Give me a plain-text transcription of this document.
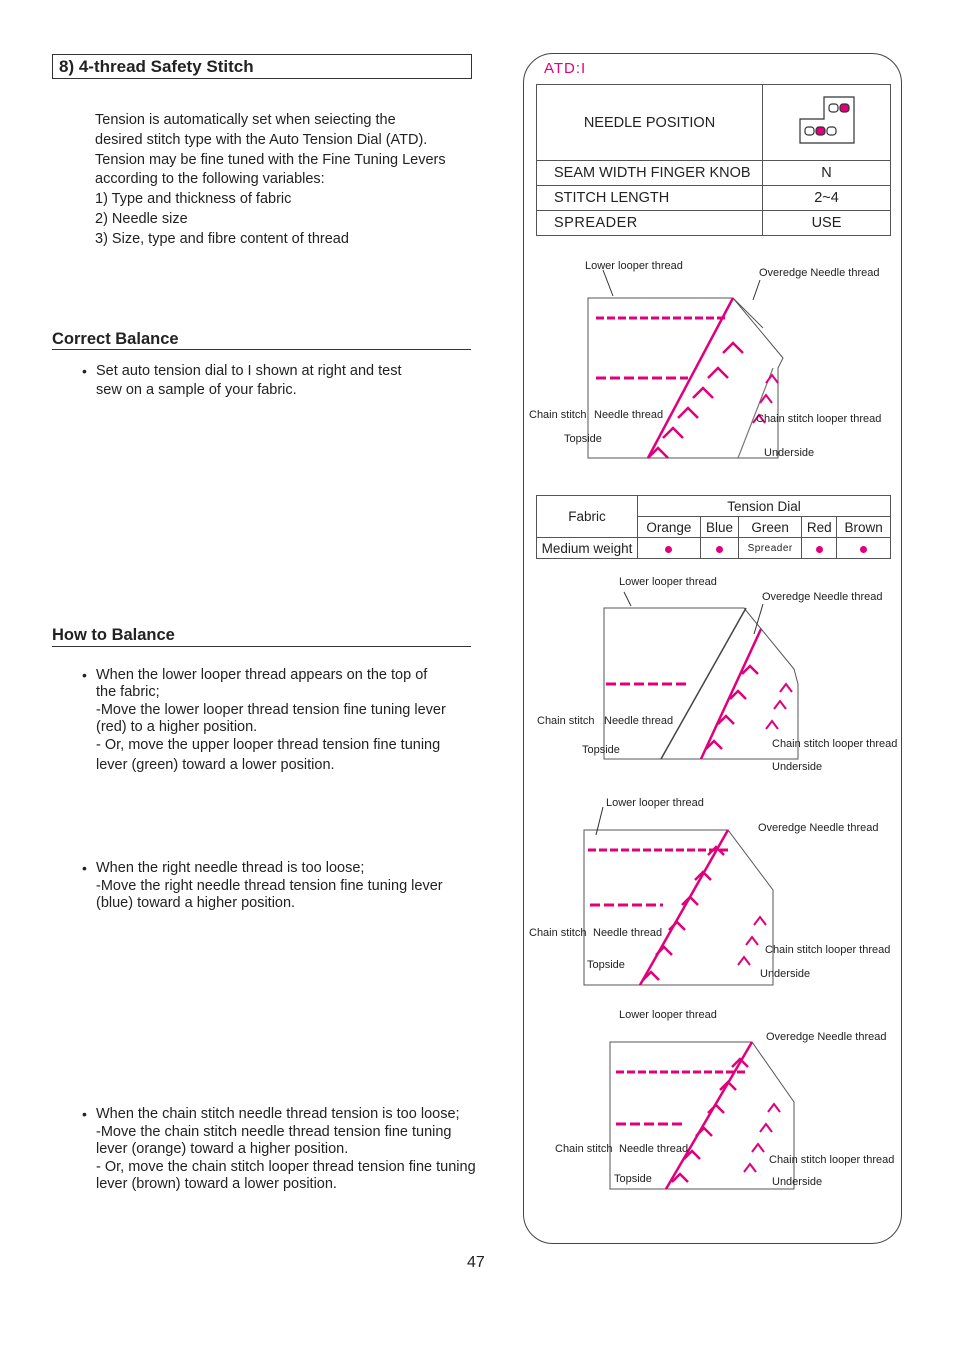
8) 4-thread Safety Stitch
Tension is automatically set when seiecting the
desired stitch type with the Auto Tension Dial (ATD).
Tension may be fine tuned with the Fine Tuning Levers
according to the following variables:
1) Type and thickness of fabric
2) Needle size
3) Size, type and fibre content of thread
Correct Balance
• Set auto tension dial to I shown at right and test
sew on a sample of your fabric.
How to Balance
• When the lower looper thread appears on the top of
the fabric;
-Move the lower looper thread tension fine tuning lever
(red) to a higher position.
- Or, move the upper looper thread tension fine tuning
lever (green) toward a lower position.
• When the right needle thread is too loose;
-Move the right needle thread tension fine tuning lever
(blue) toward a higher position.
• When the chain stitch needle thread tension is too loose;
-Move the chain stitch needle thread tension fine tuning
lever (orange) toward a higher position.
- Or, move the chain stitch looper thread tension fine tuning
lever (brown) toward a lower position.
47
ATD:I
NEEDLE POSITION	
SEAM WIDTH FINGER KNOB	N
STITCH LENGTH	2~4
SPREADER	USE
Lower looper thread
Overedge Needle thread
Chain stitch Needle thread	Chain stitch looper thread
Topside
Underside
Fabric	Tension Dial				
	Orange	Blue	Green	Red	Brown
Medium weight			Spreader		
Lower looper thread
Overedge Needle thread
Chain stitch Needle thread
Chain stitch looper thread
Topside
Underside
Lower looper thread
Overedge Needle thread
Chain stitch Needle thread
Chain stitch looper thread
Topside
Underside
Lower looper thread
Overedge Needle thread
Chain stitch Needle thread
Chain stitch looper thread
Topside	Underside
